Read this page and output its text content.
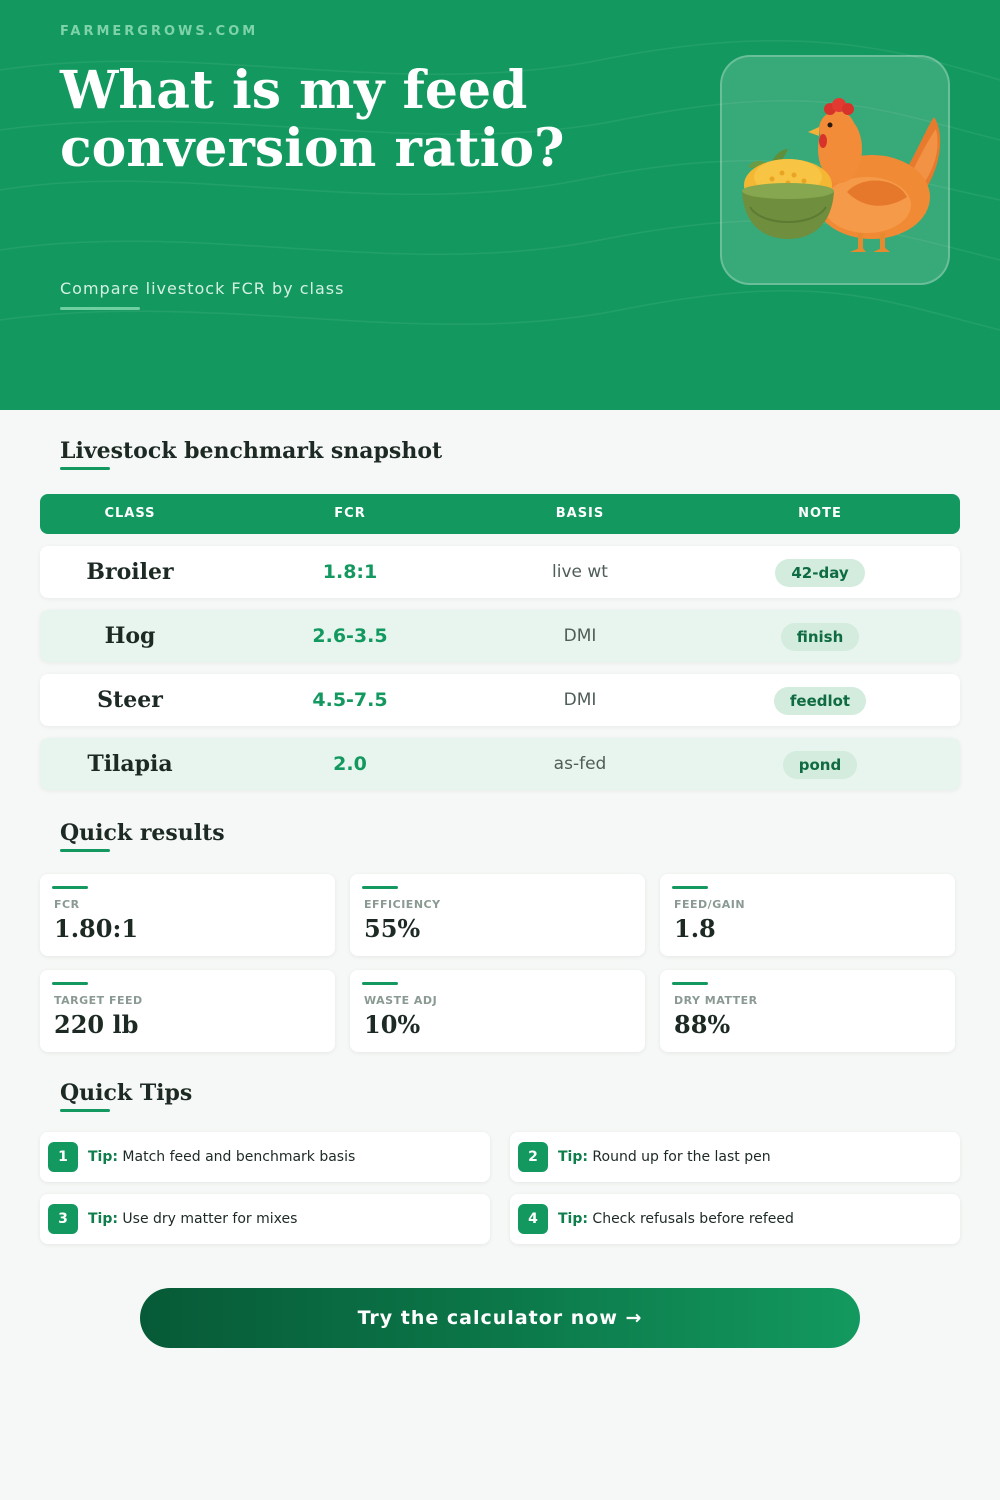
FARMERGROWS.COM
What is my feed conversion ratio?
Compare livestock FCR by class
Livestock benchmark snapshot
CLASS	FCR	BASIS	NOTE
Broiler	1.8:1	live wt	42-day
Hog	2.6-3.5	DMI	finish
Steer	4.5-7.5	DMI	feedlot
Tilapia	2.0	as-fed	pond
Quick results
FCR
1.80:1
EFFICIENCY
55%
FEED/GAIN
1.8
TARGET FEED
220 lb
WASTE ADJ
10%
DRY MATTER
88%
Quick Tips
1	Tip: Match feed and benchmark basis	2	Tip: Round up for the last pen
3	Tip: Use dry matter for mixes	4	Tip: Check refusals before refeed
Try the calculator now →
